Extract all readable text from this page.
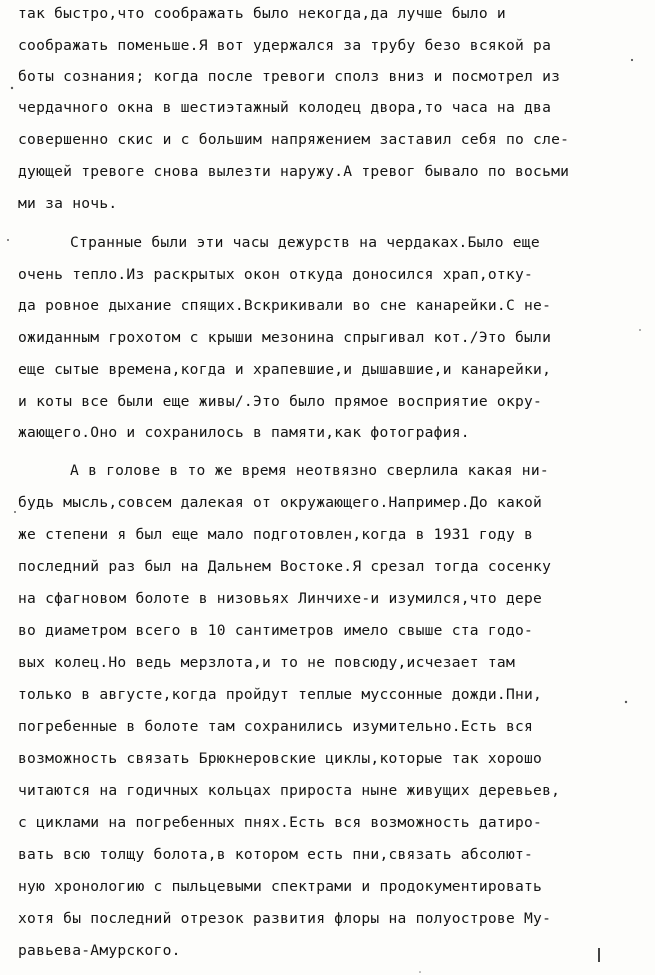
так быстро,что соображать было некогда,да лучше было и

соображать поменьше.Я вот удержался за трубу безо всякой ра

боты сознания; когда после тревоги сполз вниз и посмотрел из

чердачного окна в шестиэтажный колодец двора,то часа на два

совершенно скис и с большим напряжением заставил себя по сле-

дующей тревоге снова вылезти наружу.А тревог бывало по восьми

ми за ночь.

Странные были эти часы дежурств на чердаках.Было еще

очень тепло.Из раскрытых окон откуда доносился храп,отку-

да ровное дыхание спящих.Вскрикивали во сне канарейки.С не-

ожиданным грохотом с крыши мезонина спрыгивал кот./Это были

еще сытые времена,когда и храпевшие,и дышавшие,и канарейки,

и коты все были еще живы/.Это было прямое восприятие окру-

жающего.Оно и сохранилось в памяти,как фотография.

А в голове в то же время неотвязно сверлила какая ни-

будь мысль,совсем далекая от окружающего.Например.До какой

же степени я был еще мало подготовлен,когда в 1931 году в

последний раз был на Дальнем Востоке.Я срезал тогда сосенку

на сфагновом болоте в низовьях Линчихе-и изумился,что дере

во диаметром всего в 10 сантиметров имело свыше ста годо-

вых колец.Но ведь мерзлота,и то не повсюду,исчезает там

только в августе,когда пройдут теплые муссонные дожди.Пни,

погребенные в болоте там сохранились изумительно.Есть вся

возможность связать Брюкнеровские циклы,которые так хорошо

читаются на годичных кольцах прироста ныне живущих деревьев,

с циклами на погребенных пнях.Есть вся возможность датиро-

вать всю толщу болота,в котором есть пни,связать абсолют-

ную хронологию с пыльцевыми спектрами и продокументировать

хотя бы последний отрезок развития флоры на полуострове Му-

равьева-Амурского.
